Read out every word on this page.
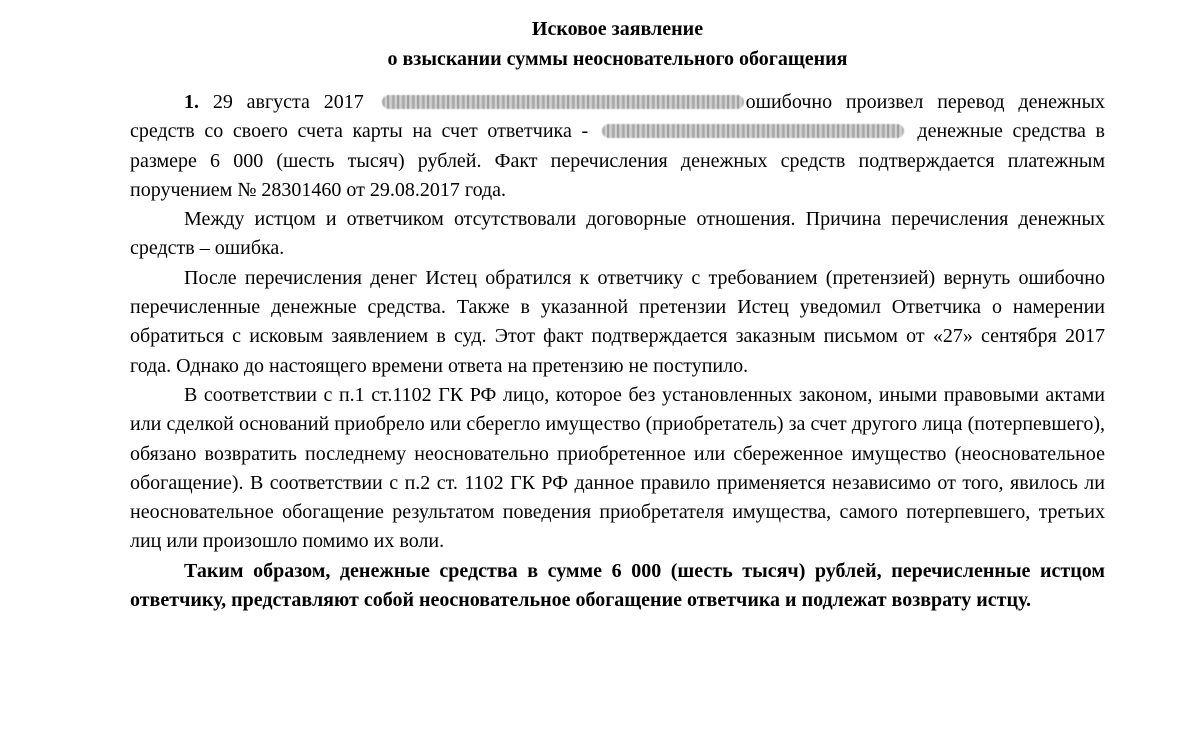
Исковое заявление
о взыскании суммы неосновательного обогащения

1. 29 августа 2017	ошибочно произвел перевод денежных средств со своего счета карты на счет ответчика -	денежные средства в размере 6 000 (шесть тысяч) рублей. Факт перечисления денежных средств подтверждается платежным поручением № 28301460 от 29.08.2017 года.

Между истцом и ответчиком отсутствовали договорные отношения. Причина перечисления денежных средств – ошибка.

После перечисления денег Истец обратился к ответчику с требованием (претензией) вернуть ошибочно перечисленные денежные средства. Также в указанной претензии Истец уведомил Ответчика о намерении обратиться с исковым заявлением в суд. Этот факт подтверждается заказным письмом от «27» сентября 2017 года. Однако до настоящего времени ответа на претензию не поступило.

В соответствии с п.1 ст.1102 ГК РФ лицо, которое без установленных законом, иными правовыми актами или сделкой оснований приобрело или сберегло имущество (приобретатель) за счет другого лица (потерпевшего), обязано возвратить последнему неосновательно приобретенное или сбереженное имущество (неосновательное обогащение). В соответствии с п.2 ст. 1102 ГК РФ данное правило применяется независимо от того, явилось ли неосновательное обогащение результатом поведения приобретателя имущества, самого потерпевшего, третьих лиц или произошло помимо их воли.

Таким образом, денежные средства в сумме 6 000 (шесть тысяч) рублей, перечисленные истцом ответчику, представляют собой неосновательное обогащение ответчика и подлежат возврату истцу.
